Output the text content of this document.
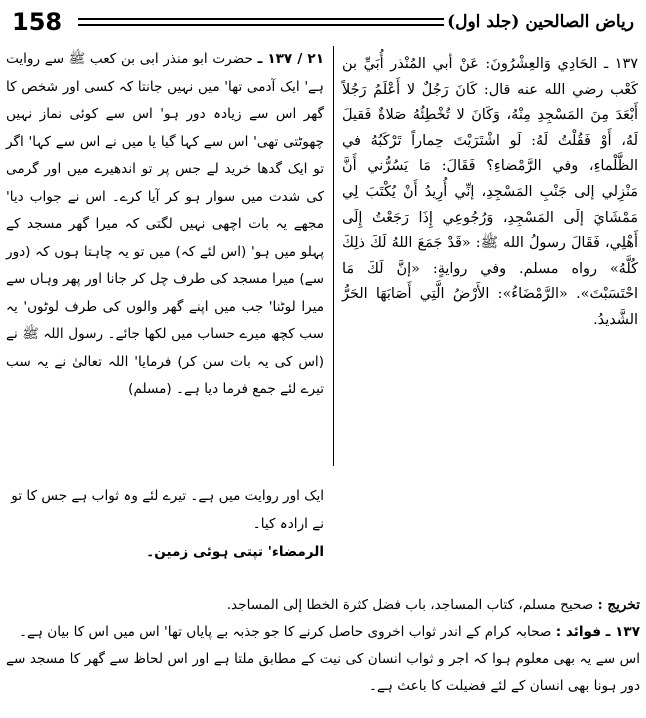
158	رياض الصالحين (جلد اول)

١٣٧ ـ الحَادِي وَالعِشْرُونَ: عَنْ أبي المُنْذر أُبَيِّ بن كَعْب رضي الله عنه قال: كَانَ رَجُلٌ لا أَعْلَمُ رَجُلاً أَبْعَدَ مِنَ المَسْجِدِ مِنْهُ، وَكَانَ لا تُخْطِئُهُ صَلاةٌ فَقيلَ لَهُ، أَوْ فَقُلْتُ لَهُ: لَو اشْتَرَيْتَ حِماراً تَرْكَبُهُ في الظَّلْماءِ، وفي الرَّمْضاءِ؟ فَقَالَ: مَا يَسُرُّني أَنَّ مَنْزِلي إلى جَنْبِ المَسْجِدِ، إنِّي أُرِيدُ أَنْ يُكْتَبَ لِي مَمْشَايَ إلَى المَسْجِدِ، وَرُجُوعِي إِذَا رَجَعْتُ إِلَى أَهْلِي، فَقَالَ رسولُ الله ﷺ: «قَدْ جَمَعَ اللهُ لَكَ ذلِكَ كُلَّهُ» رواه مسلم. وفي روايةٍ: «إنَّ لَكَ مَا احْتَسَبْتَ». «الرَّمْضَاءُ»: الأَرْضُ الَّتِي أَصَابَهَا الحَرُّ الشَّديدُ.

٢١ / ١٣٧ ـ حضرت ابو منذر ابی بن کعب ﷺ سے روایت ہے' ایک آدمی تھا' میں نہیں جانتا کہ کسی اور شخص کا گھر اس سے زیادہ دور ہو' اس سے کوئی نماز نہیں چھوٹتی تھی' اس سے کہا گیا یا میں نے اس سے کہا' اگر تو ایک گدھا خرید لے جس پر تو اندھیرے میں اور گرمی کی شدت میں سوار ہو کر آیا کرے۔ اس نے جواب دیا' مجھے یہ بات اچھی نہیں لگتی کہ میرا گھر مسجد کے پہلو میں ہو' (اس لئے کہ) میں تو یہ چاہتا ہوں کہ (دور سے) میرا مسجد کی طرف چل کر جانا اور پھر وہاں سے میرا لوٹنا' جب میں اپنے گھر والوں کی طرف لوٹوں' یہ سب کچھ میرے حساب میں لکھا جائے۔ رسول اللہ ﷺ نے (اس کی یہ بات سن کر) فرمایا' اللہ تعالیٰ نے یہ سب تیرے لئے جمع فرما دیا ہے۔ (مسلم)

ایک اور روایت میں ہے۔ تیرے لئے وہ ثواب ہے جس کا تو نے ارادہ کیا۔

الرمضاء' تپتی ہوئی زمین۔

تخريج : صحيح مسلم، كتاب المساجد، باب فضل كثرة الخطا إلى المساجد.

١٣٧ ـ فوائد : صحابہ کرام کے اندر ثواب اخروی حاصل کرنے کا جو جذبہ بے پایاں تھا' اس میں اس کا بیان ہے۔

اس سے یہ بھی معلوم ہوا کہ اجر و ثواب انسان کی نیت کے مطابق ملتا ہے اور اس لحاظ سے گھر کا مسجد سے دور ہونا بھی انسان کے لئے فضیلت کا باعث ہے۔
